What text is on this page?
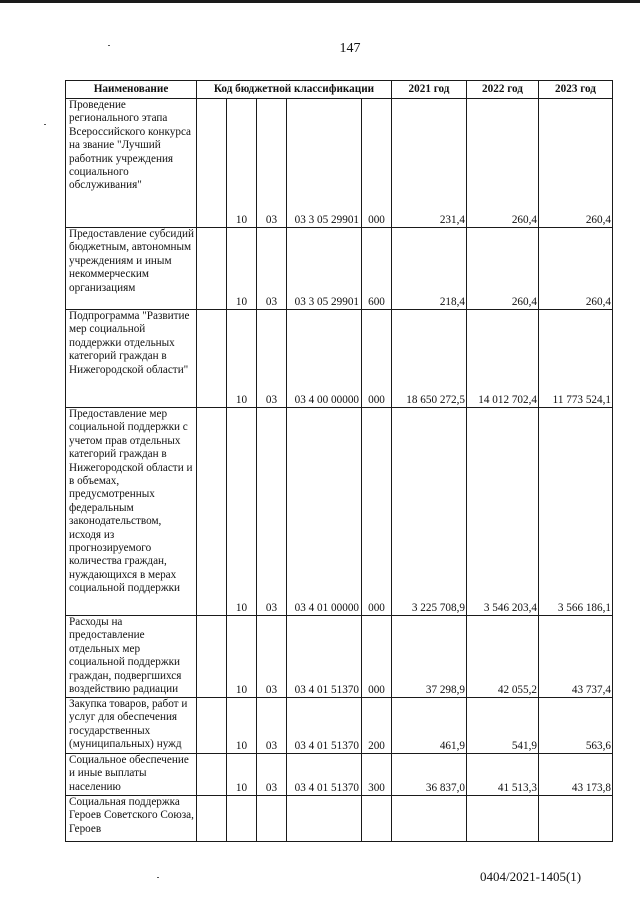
147
Наименование	Код бюджетной классификации					2021 год	2022 год	2023 год
Проведение регионального этапа Всероссийского конкурса на звание "Лучший работник учреждения социального обслуживания"		10	03	03 3 05 29901	000	231,4	260,4	260,4
Предоставление субсидий бюджетным, автономным учреждениям и иным некоммерческим организациям		10	03	03 3 05 29901	600	218,4	260,4	260,4
Подпрограмма "Развитие мер социальной поддержки отдельных категорий граждан в Нижегородской области"		10	03	03 4 00 00000	000	18 650 272,5	14 012 702,4	11 773 524,1
Предоставление мер социальной поддержки с учетом прав отдельных категорий граждан в Нижегородской области и в объемах, предусмотренных федеральным законодательством, исходя из прогнозируемого количества граждан, нуждающихся в мерах социальной поддержки		10	03	03 4 01 00000	000	3 225 708,9	3 546 203,4	3 566 186,1
Расходы на предоставление отдельных мер социальной поддержки граждан, подвергшихся воздействию радиации		10	03	03 4 01 51370	000	37 298,9	42 055,2	43 737,4
Закупка товаров, работ и услуг для обеспечения государственных (муниципальных) нужд		10	03	03 4 01 51370	200	461,9	541,9	563,6
Социальное обеспечение и иные выплаты населению		10	03	03 4 01 51370	300	36 837,0	41 513,3	43 173,8
Социальная поддержка Героев Советского Союза, Героев								
0404/2021-1405(1)
